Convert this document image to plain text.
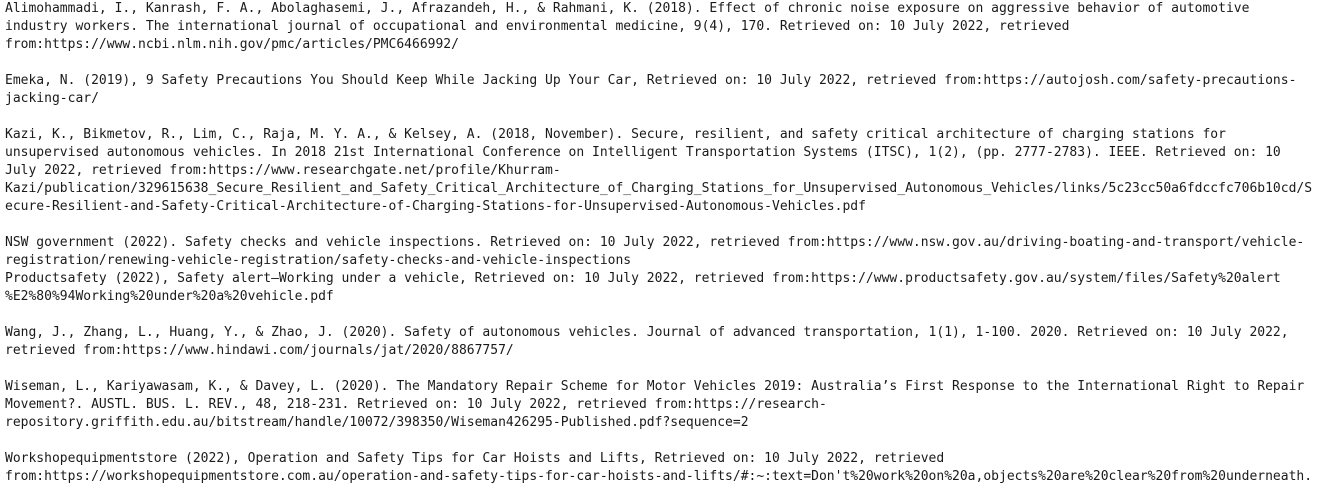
Alimohammadi, I., Kanrash, F. A., Abolaghasemi, J., Afrazandeh, H., & Rahmani, K. (2018). Effect of chronic noise exposure on aggressive behavior of automotive
industry workers. The international journal of occupational and environmental medicine, 9(4), 170. Retrieved on: 10 July 2022, retrieved
from:https://www.ncbi.nlm.nih.gov/pmc/articles/PMC6466992/
Emeka, N. (2019), 9 Safety Precautions You Should Keep While Jacking Up Your Car, Retrieved on: 10 July 2022, retrieved from:https://autojosh.com/safety-precautions-
jacking-car/
Kazi, K., Bikmetov, R., Lim, C., Raja, M. Y. A., & Kelsey, A. (2018, November). Secure, resilient, and safety critical architecture of charging stations for
unsupervised autonomous vehicles. In 2018 21st International Conference on Intelligent Transportation Systems (ITSC), 1(2), (pp. 2777-2783). IEEE. Retrieved on: 10
July 2022, retrieved from:https://www.researchgate.net/profile/Khurram-
Kazi/publication/329615638_Secure_Resilient_and_Safety_Critical_Architecture_of_Charging_Stations_for_Unsupervised_Autonomous_Vehicles/links/5c23cc50a6fdccfc706b10cd/S
ecure-Resilient-and-Safety-Critical-Architecture-of-Charging-Stations-for-Unsupervised-Autonomous-Vehicles.pdf
NSW government (2022). Safety checks and vehicle inspections. Retrieved on: 10 July 2022, retrieved from:https://www.nsw.gov.au/driving-boating-and-transport/vehicle-
registration/renewing-vehicle-registration/safety-checks-and-vehicle-inspections
Productsafety (2022), Safety alert—Working under a vehicle, Retrieved on: 10 July 2022, retrieved from:https://www.productsafety.gov.au/system/files/Safety%20alert
%E2%80%94Working%20under%20a%20vehicle.pdf
Wang, J., Zhang, L., Huang, Y., & Zhao, J. (2020). Safety of autonomous vehicles. Journal of advanced transportation, 1(1), 1-100. 2020. Retrieved on: 10 July 2022,
retrieved from:https://www.hindawi.com/journals/jat/2020/8867757/
Wiseman, L., Kariyawasam, K., & Davey, L. (2020). The Mandatory Repair Scheme for Motor Vehicles 2019: Australia’s First Response to the International Right to Repair
Movement?. AUSTL. BUS. L. REV., 48, 218-231. Retrieved on: 10 July 2022, retrieved from:https://research-
repository.griffith.edu.au/bitstream/handle/10072/398350/Wiseman426295-Published.pdf?sequence=2
Workshopequipmentstore (2022), Operation and Safety Tips for Car Hoists and Lifts, Retrieved on: 10 July 2022, retrieved
from:https://workshopequipmentstore.com.au/operation-and-safety-tips-for-car-hoists-and-lifts/#:~:text=Don't%20work%20on%20a,objects%20are%20clear%20from%20underneath.
